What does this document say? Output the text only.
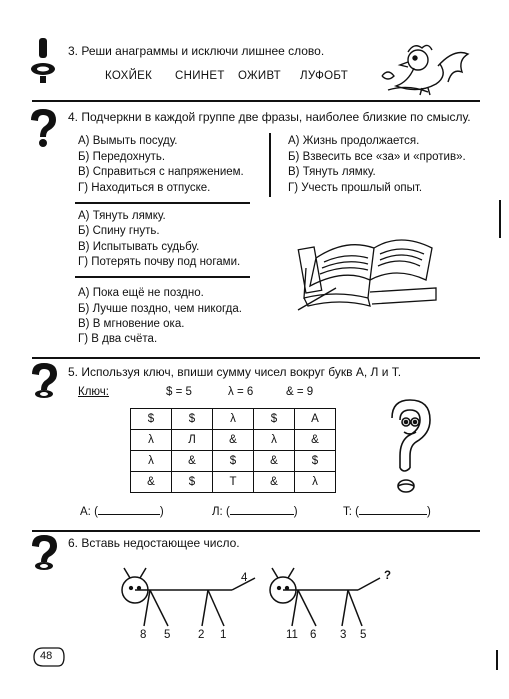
3. Реши анаграммы и исключи лишнее слово.
КОХЙЕК СНИНЕТ ОЖИВТ ЛУФОБТ
4. Подчеркни в каждой группе две фразы, наиболее близкие по смыслу.
А) Вымыть посуду.
Б) Передохнуть.
В) Справиться с напряжением.
Г) Находиться в отпуске.
А) Жизнь продолжается.
Б) Взвесить все «за» и «против».
В) Тянуть лямку.
Г) Учесть прошлый опыт.
А) Тянуть лямку.
Б) Спину гнуть.
В) Испытывать судьбу.
Г) Потерять почву под ногами.
А) Пока ещё не поздно.
Б) Лучше поздно, чем никогда.
В) В мгновение ока.
Г) В два счёта.
5. Используя ключ, впиши сумму чисел вокруг букв А, Л и Т.
Ключ:	$ = 5	λ = 6	& = 9
$	$	λ	$	A
λ	Л	&	λ	&
λ	&	$	&	$
&	$	T	&	λ
A: (	)	Л: (	)	T: (	)
6. Вставь недостающее число.
4
8 5 2 1
?
11 6 3 5
48
